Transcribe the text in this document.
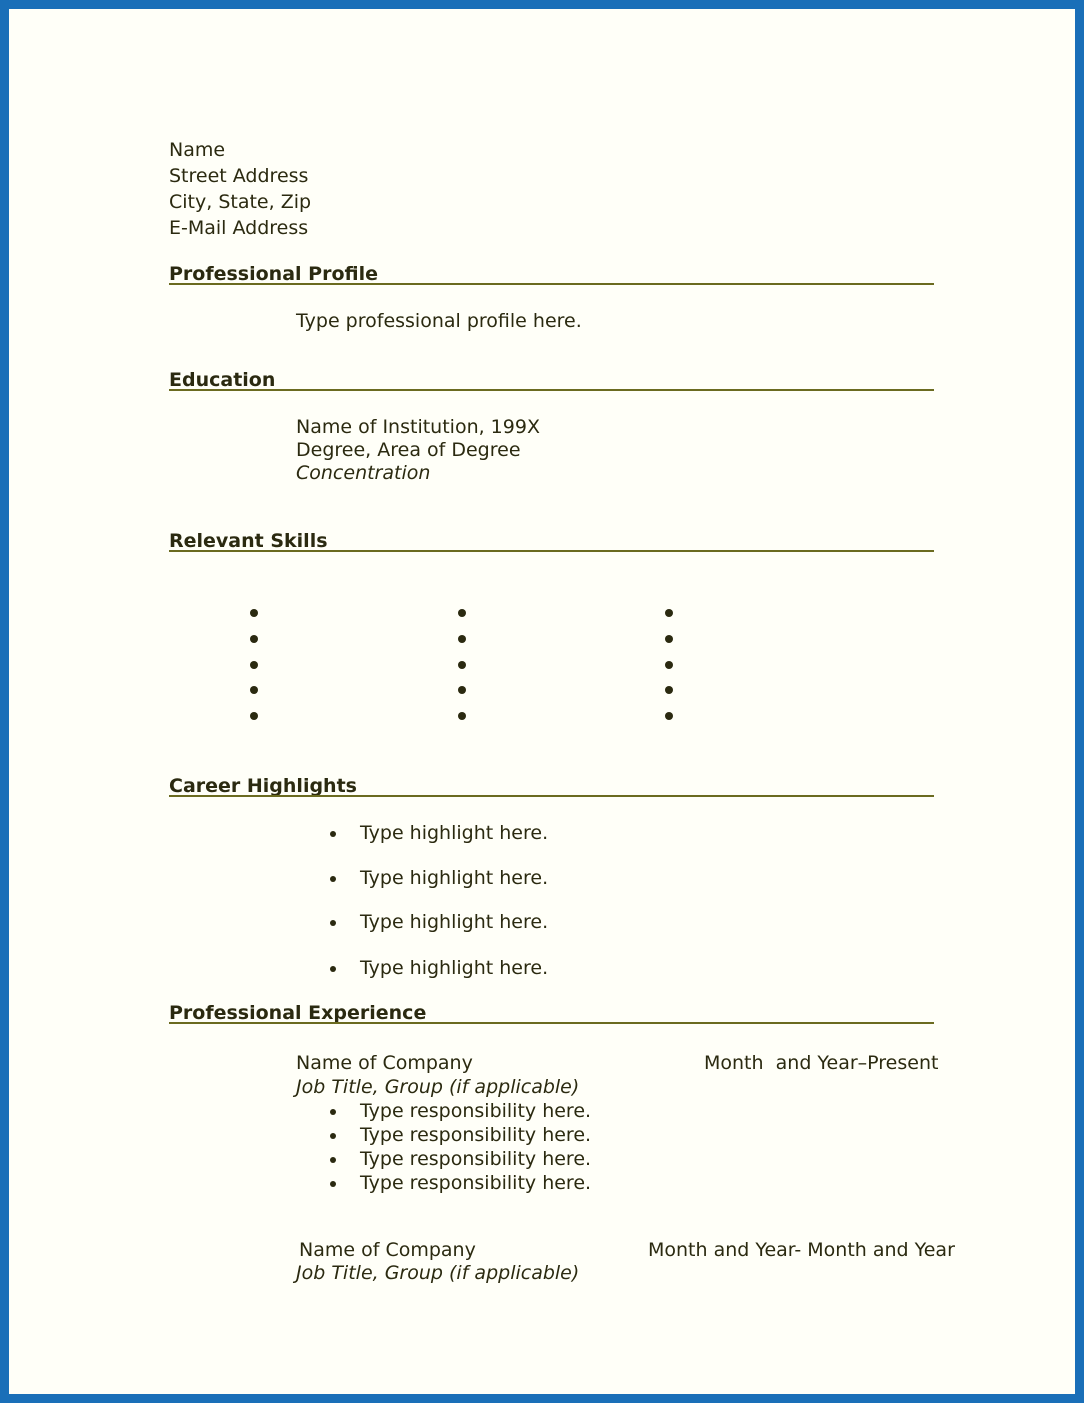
Name
Street Address
City, State, Zip
E-Mail Address
Professional Profile
Type professional profile here.
Education
Name of Institution, 199X
Degree, Area of Degree
Concentration
Relevant Skills
Career Highlights
Type highlight here.
Type highlight here.
Type highlight here.
Type highlight here.
Professional Experience
Name of Company	Month  and Year–Present
Job Title, Group (if applicable)
Type responsibility here.
Type responsibility here.
Type responsibility here.
Type responsibility here.
Name of Company	Month and Year- Month and Year
Job Title, Group (if applicable)
